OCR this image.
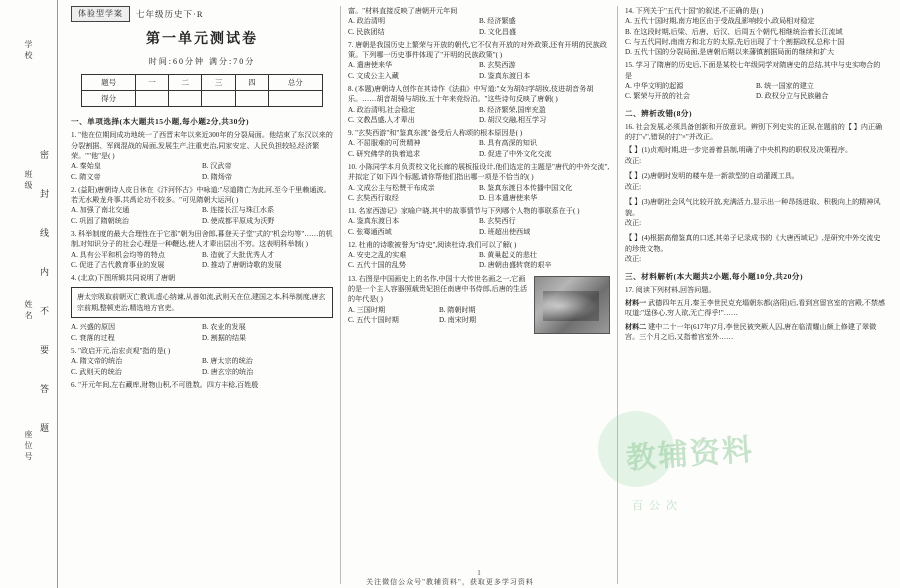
学校
班级
姓名
座位号
密 封 线 内 不 要 答 题
体验型学案	七年级历史下·R
第一单元测试卷
时间:60分钟 满分:70分
题号	一	二	三	四	总分
得分					
一、单项选择(本大题共15小题,每小题2分,共30分)
1. "他在位期间成功地统一了西晋末年以来近300年的分裂局面。他结束了东汉以来的分裂割据、军阀混战的局面,发展生产,注重吏治,同家安定、人民负担较轻,经济繁荣。""他"是( )
A. 秦始皇	B. 汉武帝
C. 隋文帝	D. 隋炀帝
2. (益阳)唐朝诗人皮日休在《汴河怀古》中咏道:"尽道隋亡为此河,至今千里赖通波。若无水殿龙舟事,共禹论功不较多。"可见隋朝大运河( )
A. 加强了南北交通	B. 连接长江与珠江水系
C. 巩固了隋朝统治	D. 使成都平原成为沃野
3. 科举制度的最大合理性在于它那"朝为田舍郎,暮登天子堂"式的"机会均等"……的机制,对知识分子的社会心理是一种鞭达,使人才辈出层出不穷。这表明科举制( )
A. 具有公平和机会均等的特点	B. 造就了大批优秀人才
C. 促进了古代教育事业的发展	D. 推动了唐朝诗歌的发展
4. (北京)下图所辑共同说明了唐朝
唐太宗吸取前朝灭亡教训,虚心纳谏,从善如流,武则天在位,建国之本,科举制度,唐玄宗前期,整顿吏治,精选地方官吏。
A. 兴盛的原因	B. 农业的发展
C. 衰落的过程	D. 割据的结果
5. "政启开元,治宏贞观"指的是( )
A. 隋文帝的统治	B. 唐太宗的统治
C. 武则天的统治	D. 唐玄宗的统治
6. "开元年间,左右藏库,财物山积,不可胜数。四方丰稔,百姓殷
富。"材料直接反映了唐朝开元年间
A. 政治清明	B. 经济繁盛
C. 民族团结	D. 文化昌盛
7. 唐朝是我国历史上繁荣与开放的朝代,它不仅有开放的对外政策,还有开明的民族政策。下列哪一历史事件体现了"开明的民族政策"( )
A. 遣唐使来华	B. 玄奘西游
C. 文成公主入藏	D. 鉴真东渡日本
8. (本题)唐朝诗人创作在其诗作《法曲》中写道:"女为胡妇学胡妆,伎进胡音务胡乐。……胡音胡骑与胡妆,五十年来竞纷泊。"这些诗句反映了唐朝( )
A. 政治清明,社会稳定	B. 经济繁荣,国库充盈
C. 文教昌盛,人才辈出	D. 胡汉交融,相互学习
9. "玄奘西游"和"鉴真东渡"备受后人称颂的根本原因是( )
A. 不屈服难的可贵精神	B. 具有高深的知识
C. 研究佛学的执着追求	D. 促进了中外文化交流
10. 小陈同学本月负责校文化长廊的展板报设计,他们选定的主题是"唐代的中外交流",并拟定了如下四个标题,请你帮他们指出哪一项是不恰当的( )
A. 文成公主与松赞干布成亲	B. 鉴真东渡日本传播中国文化
C. 玄奘西行取经	D. 日本遣唐使来华
11. 名家西游记》家喻户晓,其中的故事情节与下列哪个人物的事联系在于( )
A. 鉴真东渡日本	B. 玄奘西行
C. 张骞通西域	D. 班超出使西域
12. 杜甫的诗歌被誉为"诗史",阅读杜诗,我们可以了解( )
A. 安史之乱的实难	B. 黄巢起义的悲壮
C. 五代十国的乱势	D. 唐朝由盛转衰的艰辛
13. 右图是中国画史上的名作,中国十大传世名画之一,它画的是一个主人容器照载贵妃担任南唐中书侍郎,后唐的生活的年代是( )
A. 三国时期	B. 隋朝时期
C. 五代十国时期	D. 南宋时期
14. 下列关于"五代十国"的叙述,不正确的是( )
A. 五代十国时期,南方地区由于受战乱影响较小,政局相对稳定
B. 在这段时期,后梁、后唐、后汉、后周五个朝代,相继统治着长江流域
C. 与五代同时,南南方和北方的太原,先后出现了十个割据政权,总称十国
D. 五代十国的分裂局面,是唐朝后期以来藩镇割据局面的继续和扩大
15. 学习了隋唐的历史后,下面是某校七年级同学对隋唐史的总结,其中与史实吻合的是
A. 中华文明的起源	B. 统一国家的建立
C. 繁荣与开放的社会	D. 政权分立与民族融合
二、辨析改错(8分)
16. 社会发展,必须具备创新和开放意识。辨别下列史实的正误,在题前的【 】内正确的打"√",错误的打"×"并改正。
【 】(1)贞观时期,进一步完善着县制,明确了中央机构的职权及决策程序。
改正:
【 】(2)唐朝时发明的耧车是一新款型的自动灌溉工具。
改正:
【 】(3)唐朝社会风气比较开放,充满活力,显示出一种昂扬进取、积极向上的精神风貌。
改正:
【 】(4)根据高僧鉴真的口述,其弟子记录成书的《大唐西域记》,是研究中外交流史的珍贵文物。
改正:
三、材料解析(本大题共2小题,每小题10分,共20分)
17. 阅读下列材料,回答问题。
材料一 武德四年五月,秦王李世民克充塌朝东都(洛阳)后,看到宫留宫室的宫殿,不禁感叹道:"逞侈心,穷人欲,无亡得乎!"……
材料二 建中二十一年(617年)7月,李世民被突厥人囚,唐在临清耀山颇上修建了翠微宫。三个月之后,又指着宫室外……
教辅资料
百公次
1
关注微信公众号"教辅资料"，获取更多学习资料
